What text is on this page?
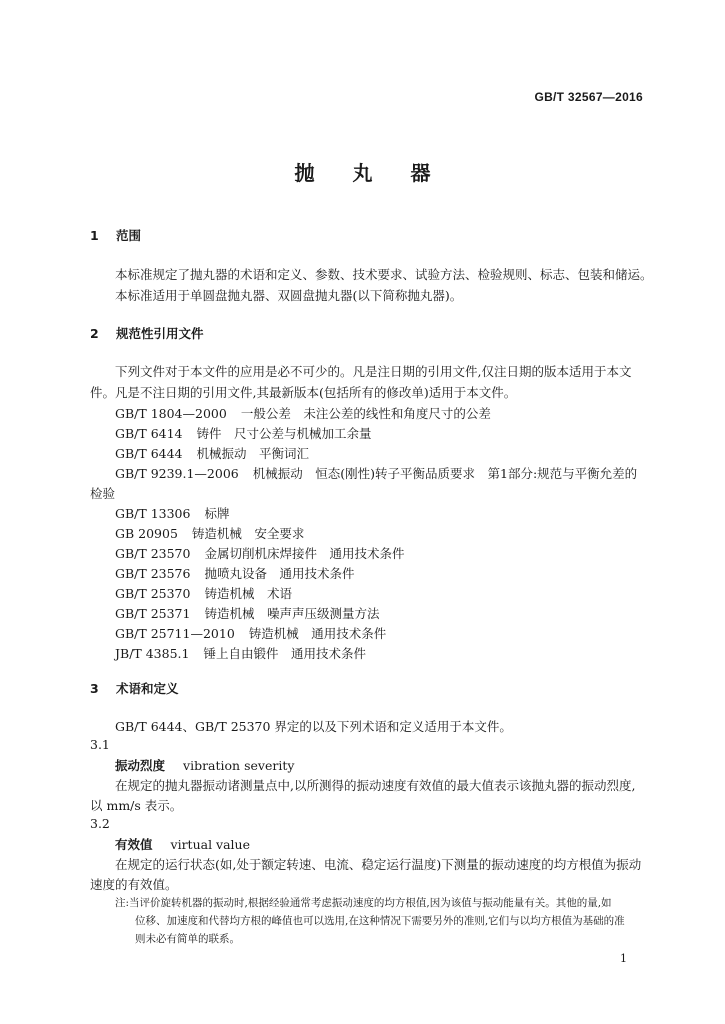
GB/T 32567—2016
抛丸器
1 范围
本标准规定了抛丸器的术语和定义、参数、技术要求、试验方法、检验规则、标志、包装和储运。
本标准适用于单圆盘抛丸器、双圆盘抛丸器(以下简称抛丸器)。
2 规范性引用文件
下列文件对于本文件的应用是必不可少的。凡是注日期的引用文件,仅注日期的版本适用于本文
件。凡是不注日期的引用文件,其最新版本(包括所有的修改单)适用于本文件。
GB/T 1804—2000 一般公差　未注公差的线性和角度尺寸的公差
GB/T 6414 铸件　尺寸公差与机械加工余量
GB/T 6444 机械振动　平衡词汇
GB/T 9239.1—2006 机械振动　恒态(刚性)转子平衡品质要求　第1部分:规范与平衡允差的
检验
GB/T 13306 标牌
GB 20905 铸造机械　安全要求
GB/T 23570 金属切削机床焊接件　通用技术条件
GB/T 23576 抛喷丸设备　通用技术条件
GB/T 25370 铸造机械　术语
GB/T 25371 铸造机械　噪声声压级测量方法
GB/T 25711—2010 铸造机械　通用技术条件
JB/T 4385.1 锤上自由锻件　通用技术条件
3 术语和定义
GB/T 6444、GB/T 25370 界定的以及下列术语和定义适用于本文件。
3.1
振动烈度 vibration severity
在规定的抛丸器振动诸测量点中,以所测得的振动速度有效值的最大值表示该抛丸器的振动烈度,
以 mm/s 表示。
3.2
有效值 virtual value
在规定的运行状态(如,处于额定转速、电流、稳定运行温度)下测量的振动速度的均方根值为振动
速度的有效值。
注:当评价旋转机器的振动时,根据经验通常考虑振动速度的均方根值,因为该值与振动能量有关。其他的量,如
位移、加速度和代替均方根的峰值也可以选用,在这种情况下需要另外的准则,它们与以均方根值为基础的准
则未必有简单的联系。
1
